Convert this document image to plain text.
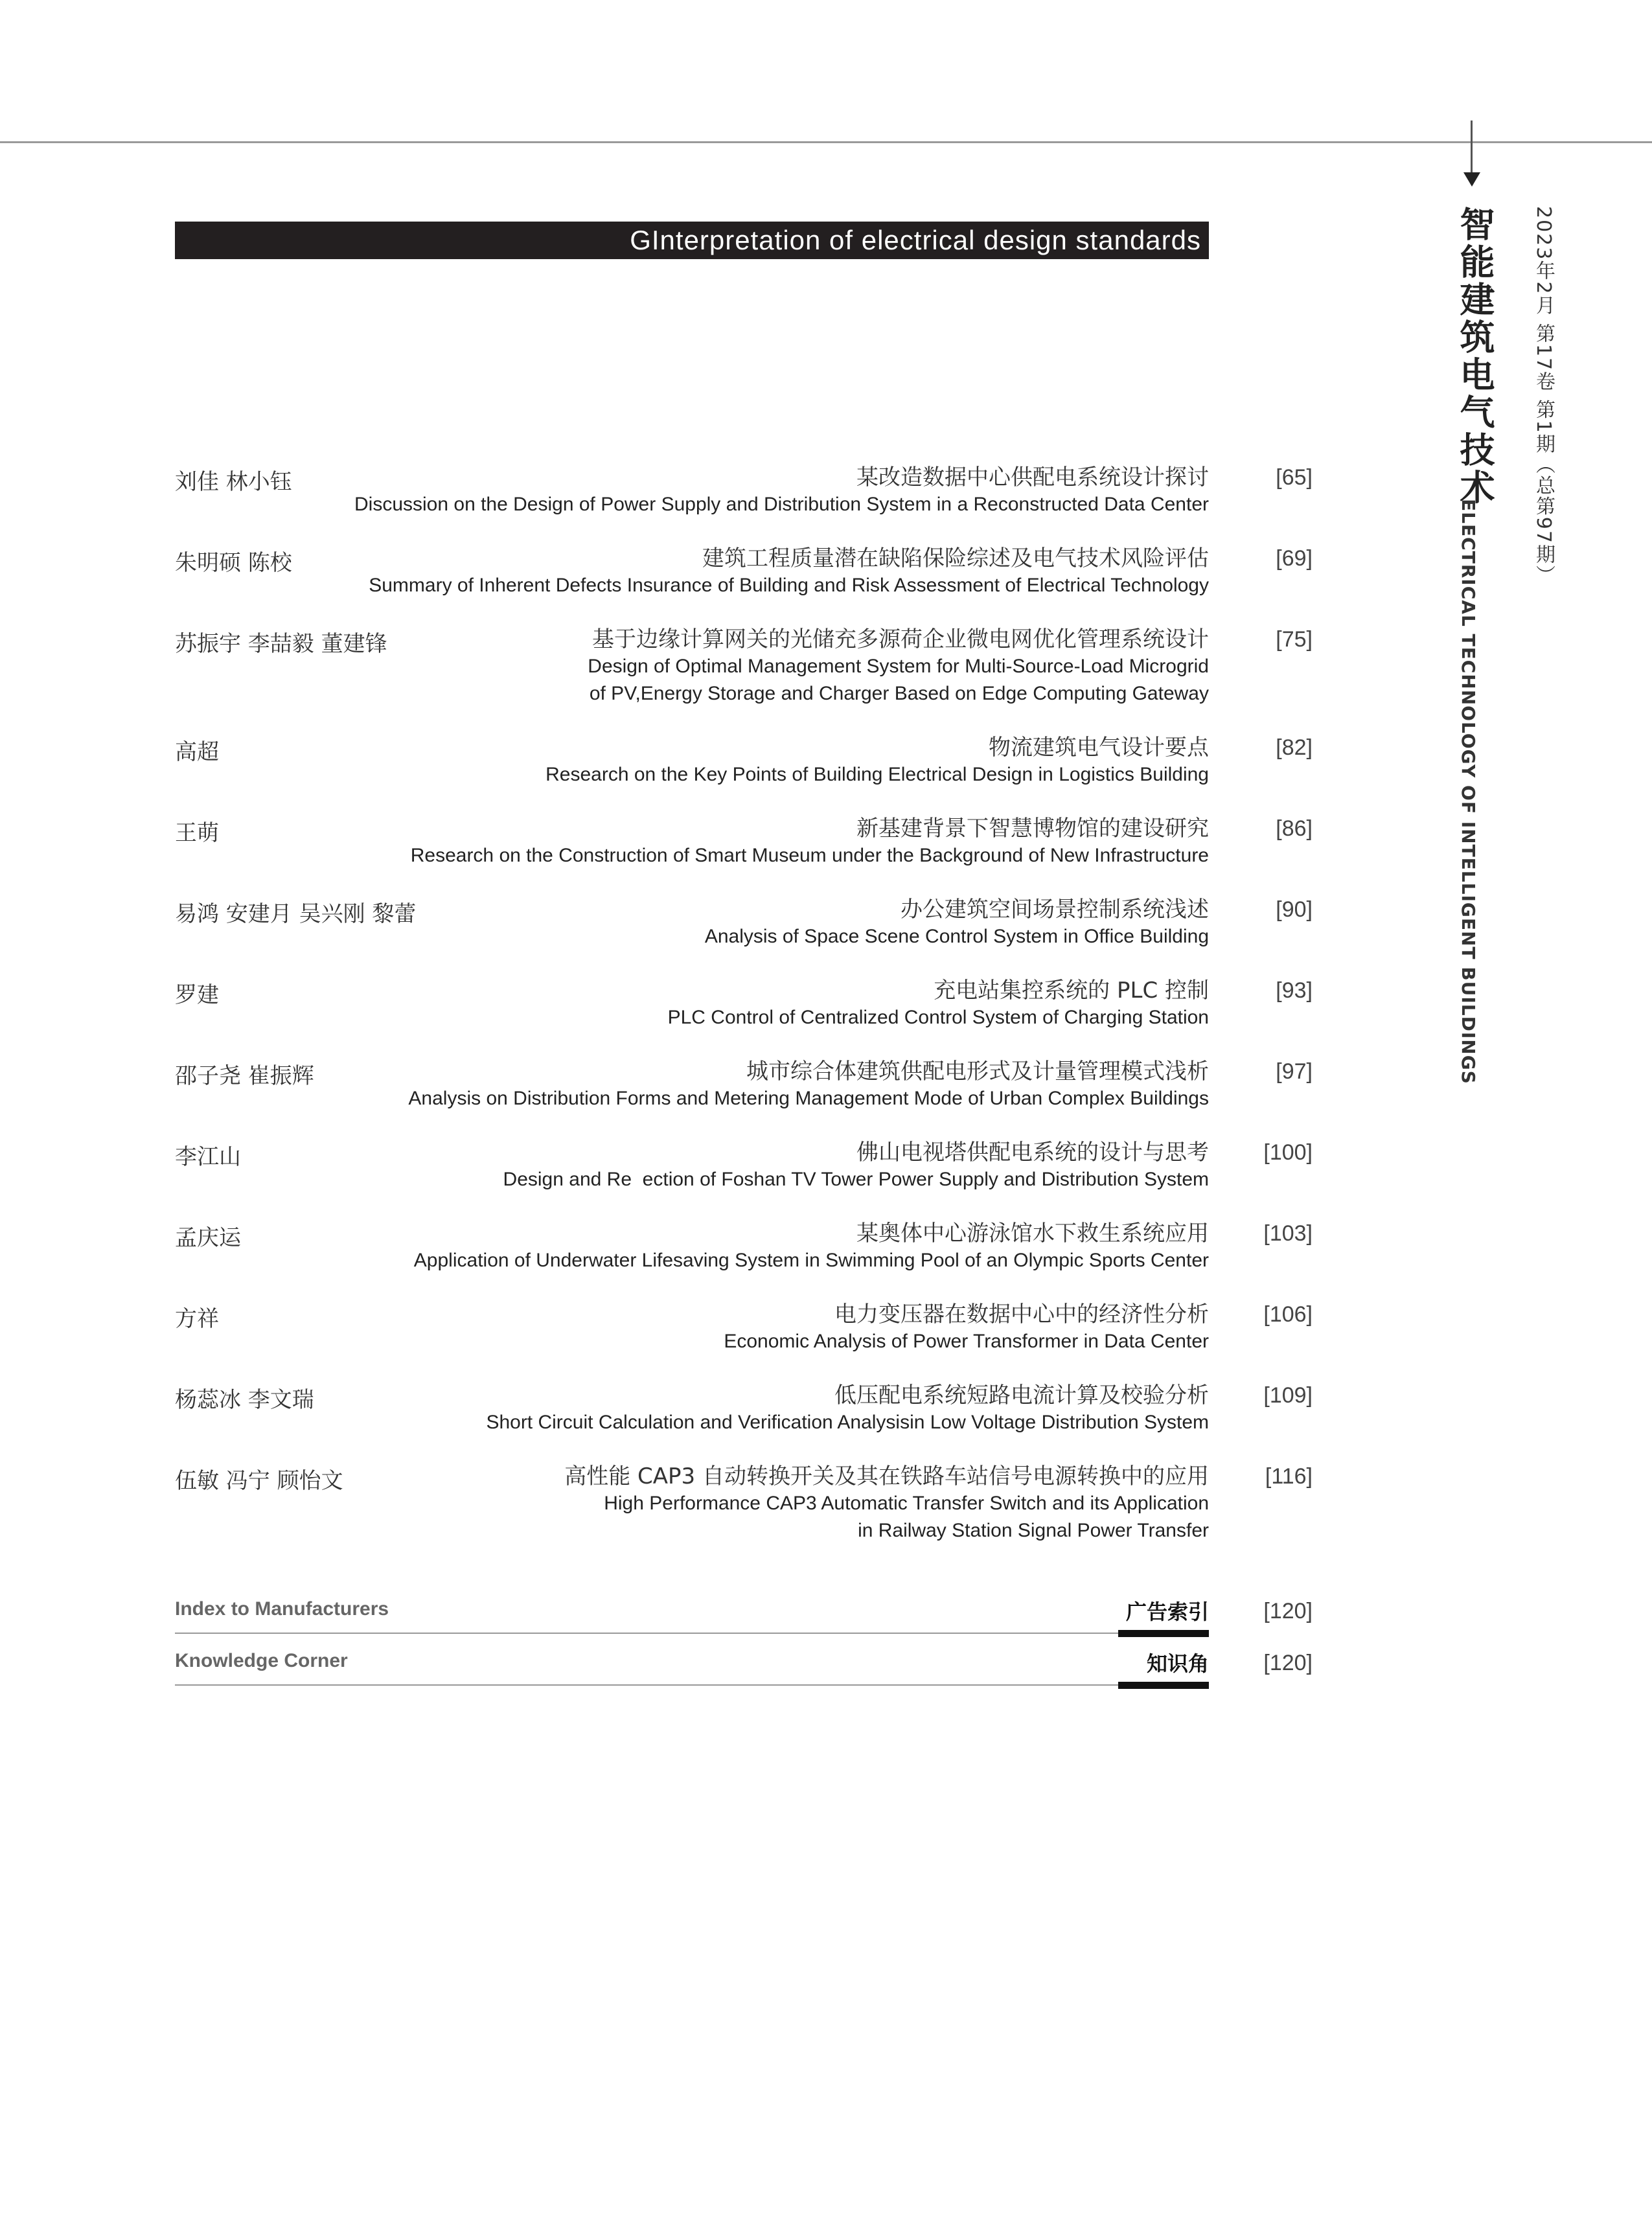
智能建筑电气技术
ELECTRICAL TECHNOLOGY OF INTELLIGENT BUILDINGS
2023年2月 第17卷 第1期（总第97期）
GInterpretation of electrical design standards
刘佳 林小钰	某改造数据中心供配电系统设计探讨
Discussion on the Design of Power Supply and Distribution System in a Reconstructed Data Center
[65]
朱明硕 陈校	建筑工程质量潜在缺陷保险综述及电气技术风险评估
Summary of Inherent Defects Insurance of Building and Risk Assessment of Electrical Technology
[69]
苏振宇 李喆毅 董建锋	基于边缘计算网关的光储充多源荷企业微电网优化管理系统设计
Design of Optimal Management System for Multi-Source-Load Microgrid of PV,Energy Storage and Charger Based on Edge Computing Gateway
[75]
高超	物流建筑电气设计要点
Research on the Key Points of Building Electrical Design in Logistics Building
[82]
王萌	新基建背景下智慧博物馆的建设研究
Research on the Construction of Smart Museum under the Background of New Infrastructure
[86]
易鸿 安建月 吴兴刚 黎蕾	办公建筑空间场景控制系统浅述
Analysis of Space Scene Control System in Office Building
[90]
罗建	充电站集控系统的 PLC 控制
PLC Control of Centralized Control System of Charging Station
[93]
邵子尧 崔振辉	城市综合体建筑供配电形式及计量管理模式浅析
Analysis on Distribution Forms and Metering Management Mode of Urban Complex Buildings
[97]
李江山	佛山电视塔供配电系统的设计与思考
Design and Re  ection of Foshan TV Tower Power Supply and Distribution System
[100]
孟庆运	某奥体中心游泳馆水下救生系统应用
Application of Underwater Lifesaving System in Swimming Pool of an Olympic Sports Center
[103]
方祥	电力变压器在数据中心中的经济性分析
Economic Analysis of Power Transformer in Data Center
[106]
杨蕊冰 李文瑞	低压配电系统短路电流计算及校验分析
Short Circuit Calculation and Verification Analysisin Low Voltage Distribution System
[109]
伍敏 冯宁 顾怡文	高性能 CAP3 自动转换开关及其在铁路车站信号电源转换中的应用
High Performance CAP3 Automatic Transfer Switch and its Application in Railway Station Signal Power Transfer
[116]
Index to Manufacturers	广告索引	[120]
Knowledge Corner	知识角	[120]
